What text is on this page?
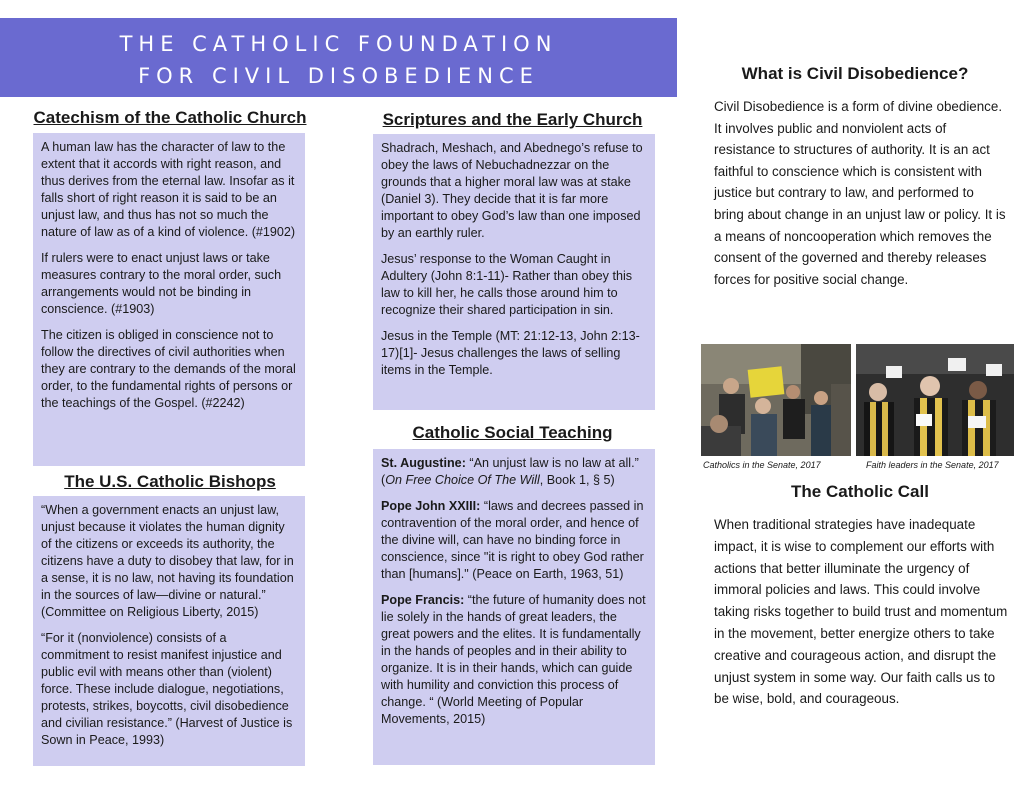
THE CATHOLIC FOUNDATION
FOR CIVIL DISOBEDIENCE
Catechism of the Catholic Church

A human law has the character of law to the extent that it accords with right reason, and thus derives from the eternal law. Insofar as it falls short of right reason it is said to be an unjust law, and thus has not so much the nature of law as of a kind of violence. (#1902)

If rulers were to enact unjust laws or take measures contrary to the moral order, such arrangements would not be binding in conscience. (#1903)

The citizen is obliged in conscience not to follow the directives of civil authorities when they are contrary to the demands of the moral order, to the fundamental rights of persons or the teachings of the Gospel. (#2242)

The U.S. Catholic Bishops

“When a government enacts an unjust law, unjust because it violates the human dignity of the citizens or exceeds its authority, the citizens have a duty to disobey that law, for in a sense, it is no law, not having its foundation in the sources of law—divine or natural.” (Committee on Religious Liberty, 2015)

“For it (nonviolence) consists of a commitment to resist manifest injustice and public evil with means other than (violent) force. These include dialogue, negotiations, protests, strikes, boycotts, civil disobedience and civilian resistance.” (Harvest of Justice is Sown in Peace, 1993)

Scriptures and the Early Church

Shadrach, Meshach, and Abednego’s refuse to obey the laws of Nebuchadnezzar on the grounds that a higher moral law was at stake (Daniel 3). They decide that it is far more important to obey God’s law than one imposed by an earthly ruler.

Jesus’ response to the Woman Caught in Adultery (John 8:1-11)- Rather than obey this law to kill her, he calls those around him to recognize their shared participation in sin.

Jesus in the Temple (MT: 21:12-13, John 2:13-17)[1]- Jesus challenges the laws of selling items in the Temple.

Catholic Social Teaching

St. Augustine: “An unjust law is no law at all.” (On Free Choice Of The Will, Book 1, § 5)

Pope John XXIII: “laws and decrees passed in contravention of the moral order, and hence of the divine will, can have no binding force in conscience, since "it is right to obey God rather than [humans]." (Peace on Earth, 1963, 51)

Pope Francis: “the future of humanity does not lie solely in the hands of great leaders, the great powers and the elites. It is fundamentally in the hands of peoples and in their ability to organize. It is in their hands, which can guide with humility and conviction this process of change. “ (World Meeting of Popular Movements, 2015)

What is Civil Disobedience?

Civil Disobedience is a form of divine obedience. It involves public and nonviolent acts of resistance to structures of authority. It is an act faithful to conscience which is consistent with justice but contrary to law, and performed to bring about change in an unjust law or policy. It is a means of noncooperation which removes the consent of the governed and thereby releases forces for positive social change.

Catholics in the Senate, 2017	Faith leaders in the Senate, 2017
The Catholic Call

When traditional strategies have inadequate impact, it is wise to complement our efforts with actions that better illuminate the urgency of immoral policies and laws. This could involve taking risks together to build trust and momentum in the movement, better energize others to take creative and courageous action, and disrupt the unjust system in some way. Our faith calls us to be wise, bold, and courageous.
